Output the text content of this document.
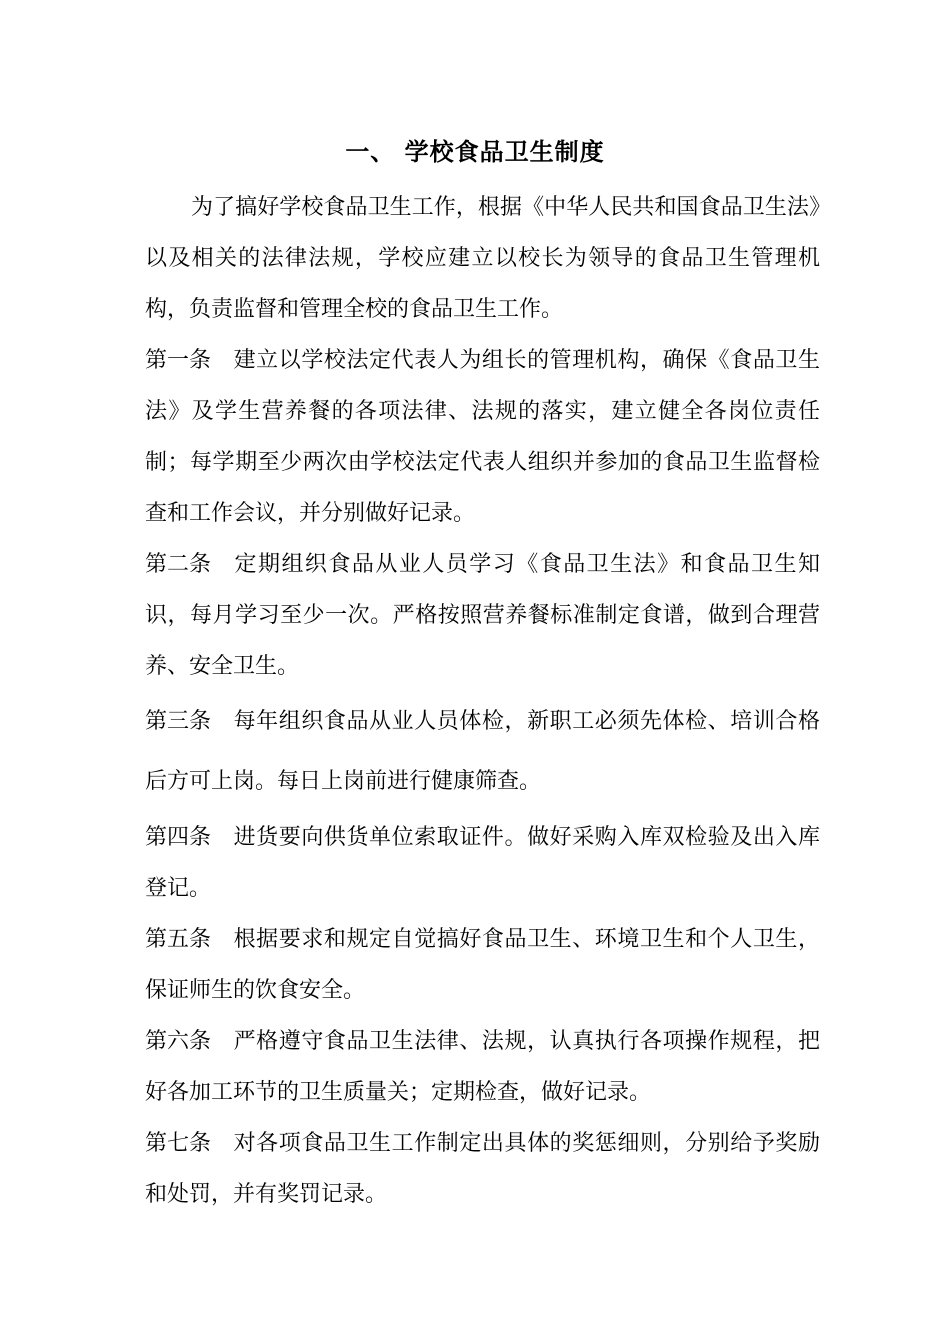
一、 学校食品卫生制度

为了搞好学校食品卫生工作，根据《中华人民共和国食品卫生法》以及相关的法律法规，学校应建立以校长为领导的食品卫生管理机构，负责监督和管理全校的食品卫生工作。

第一条 建立以学校法定代表人为组长的管理机构，确保《食品卫生法》及学生营养餐的各项法律、法规的落实，建立健全各岗位责任制；每学期至少两次由学校法定代表人组织并参加的食品卫生监督检查和工作会议，并分别做好记录。

第二条 定期组织食品从业人员学习《食品卫生法》和食品卫生知识，每月学习至少一次。严格按照营养餐标准制定食谱，做到合理营养、安全卫生。

第三条 每年组织食品从业人员体检，新职工必须先体检、培训合格后方可上岗。每日上岗前进行健康筛查。

第四条 进货要向供货单位索取证件。做好采购入库双检验及出入库登记。

第五条 根据要求和规定自觉搞好食品卫生、环境卫生和个人卫生，保证师生的饮食安全。

第六条 严格遵守食品卫生法律、法规，认真执行各项操作规程，把好各加工环节的卫生质量关；定期检查，做好记录。

第七条 对各项食品卫生工作制定出具体的奖惩细则，分别给予奖励和处罚，并有奖罚记录。
